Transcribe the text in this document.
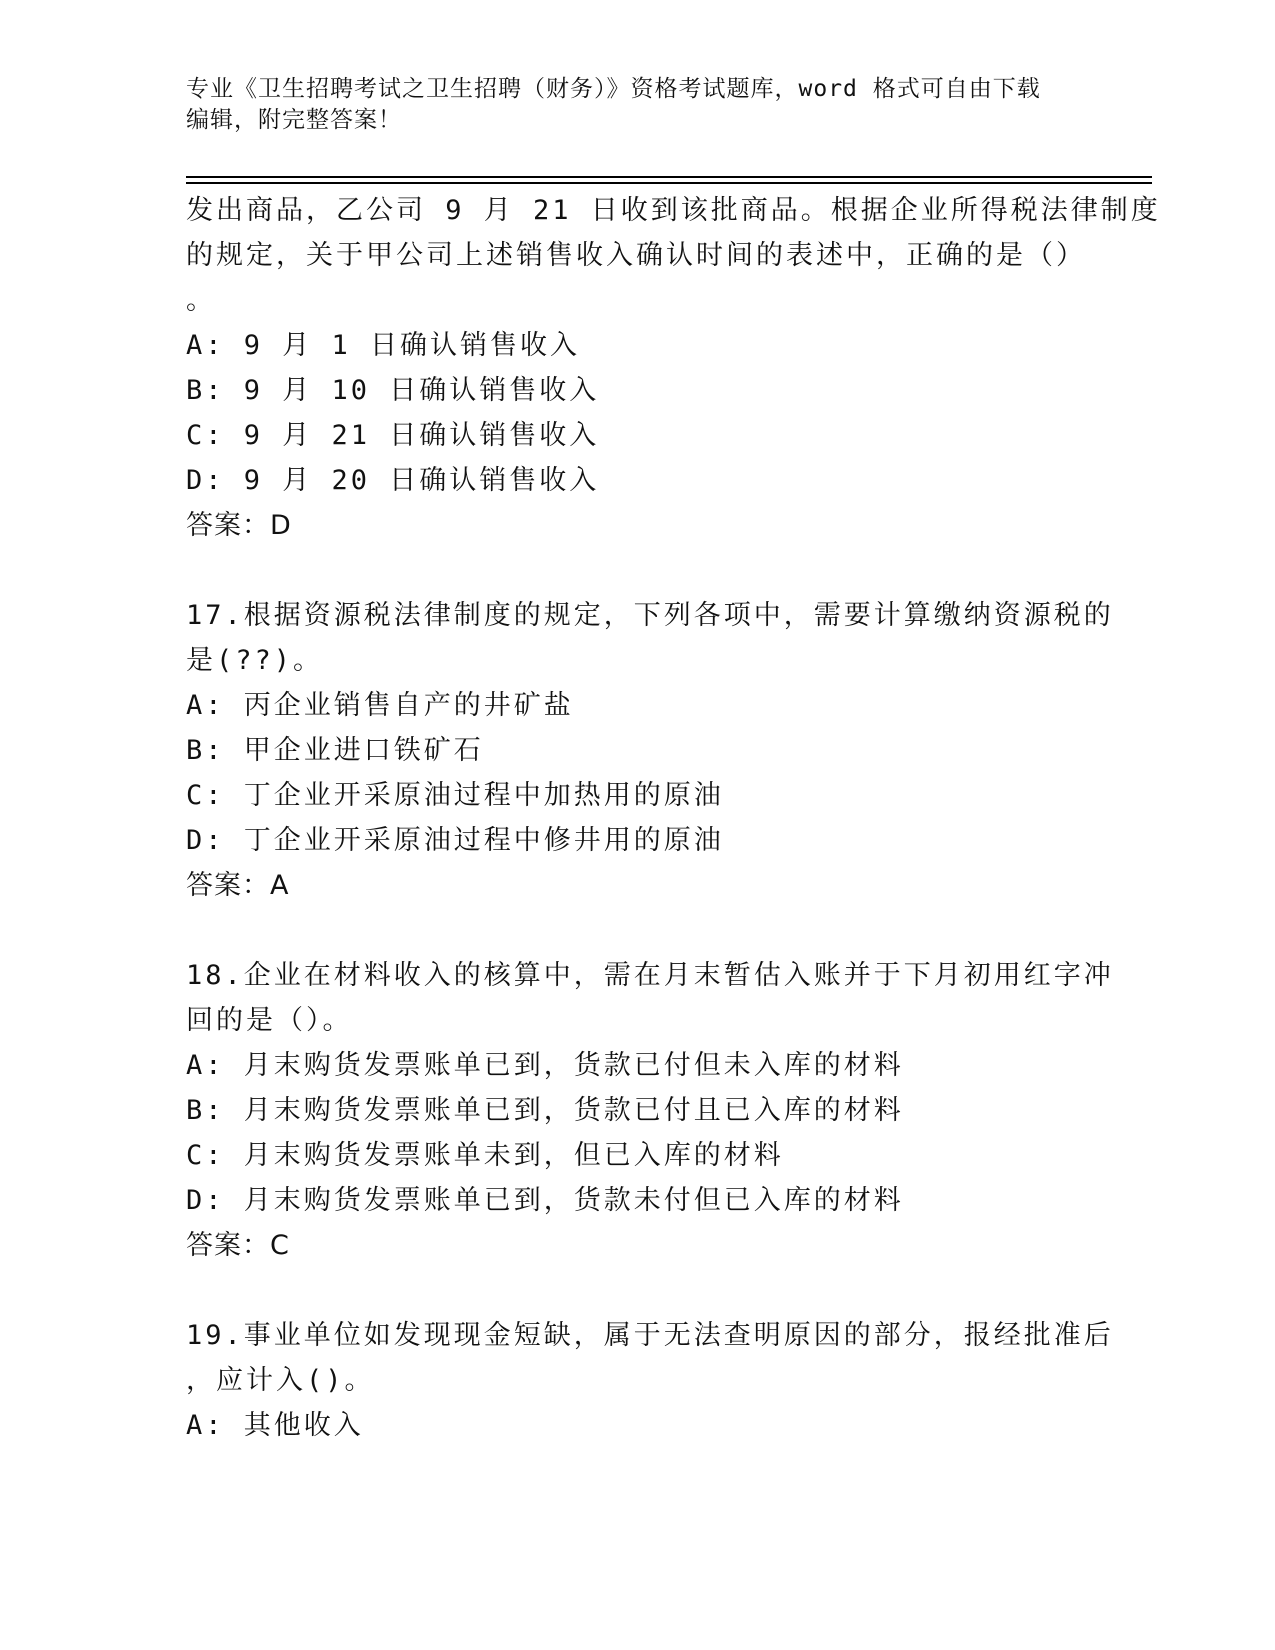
专业《卫生招聘考试之卫生招聘（财务）》资格考试题库，word 格式可自由下载
编辑，附完整答案！
发出商品，乙公司 9 月 21 日收到该批商品。根据企业所得税法律制度
的规定，关于甲公司上述销售收入确认时间的表述中，正确的是（）
。
A: 9 月 1 日确认销售收入
B: 9 月 10 日确认销售收入
C: 9 月 21 日确认销售收入
D: 9 月 20 日确认销售收入
答案：D
17.根据资源税法律制度的规定，下列各项中，需要计算缴纳资源税的
是(??)。
A: 丙企业销售自产的井矿盐
B: 甲企业进口铁矿石
C: 丁企业开采原油过程中加热用的原油
D: 丁企业开采原油过程中修井用的原油
答案：A
18.企业在材料收入的核算中，需在月末暂估入账并于下月初用红字冲
回的是（）。
A: 月末购货发票账单已到，货款已付但未入库的材料
B: 月末购货发票账单已到，货款已付且已入库的材料
C: 月末购货发票账单未到，但已入库的材料
D: 月末购货发票账单已到，货款未付但已入库的材料
答案：C
19.事业单位如发现现金短缺，属于无法查明原因的部分，报经批准后
，应计入()。
A: 其他收入
